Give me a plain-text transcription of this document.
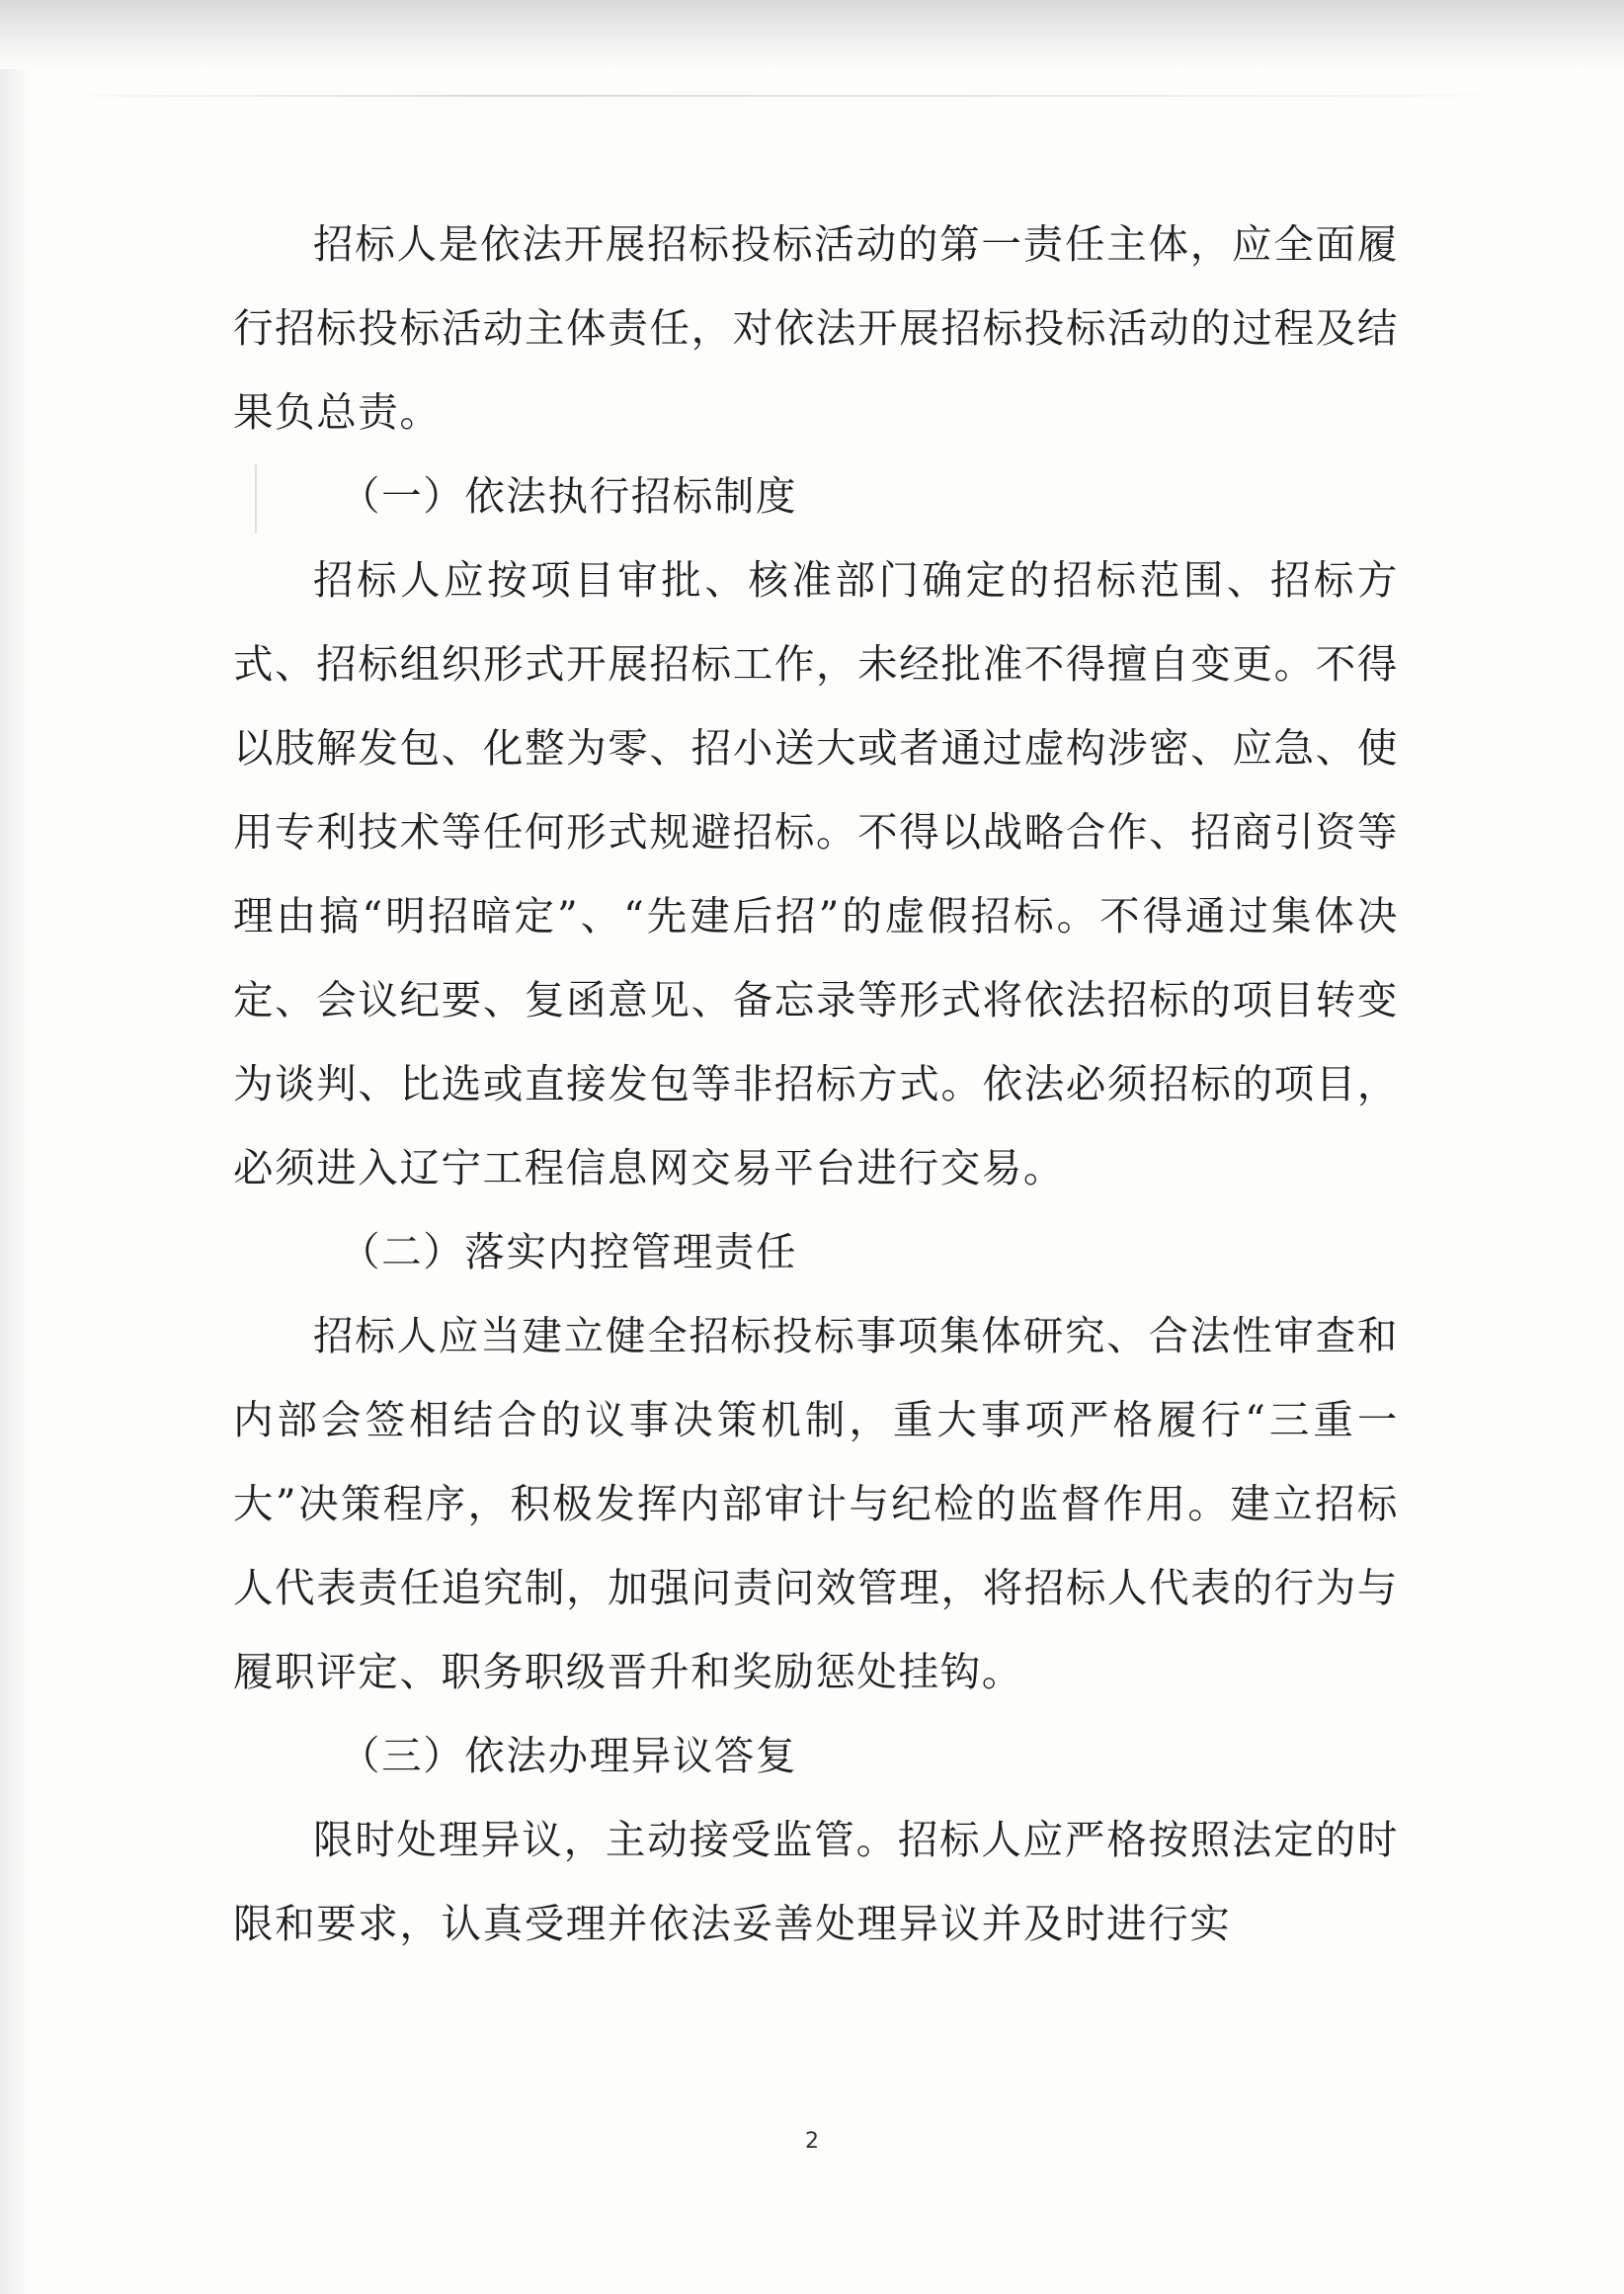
招标人是依法开展招标投标活动的第一责任主体，应全面履行招标投标活动主体责任，对依法开展招标投标活动的过程及结果负总责。

（一）依法执行招标制度

招标人应按项目审批、核准部门确定的招标范围、招标方式、招标组织形式开展招标工作，未经批准不得擅自变更。不得以肢解发包、化整为零、招小送大或者通过虚构涉密、应急、使用专利技术等任何形式规避招标。不得以战略合作、招商引资等理由搞“明招暗定”、“先建后招”的虚假招标。不得通过集体决定、会议纪要、复函意见、备忘录等形式将依法招标的项目转变为谈判、比选或直接发包等非招标方式。依法必须招标的项目，必须进入辽宁工程信息网交易平台进行交易。

（二）落实内控管理责任

招标人应当建立健全招标投标事项集体研究、合法性审查和内部会签相结合的议事决策机制，重大事项严格履行“三重一大”决策程序，积极发挥内部审计与纪检的监督作用。建立招标人代表责任追究制，加强问责问效管理，将招标人代表的行为与履职评定、职务职级晋升和奖励惩处挂钩。

（三）依法办理异议答复

限时处理异议，主动接受监管。招标人应严格按照法定的时限和要求，认真受理并依法妥善处理异议并及时进行实

2
